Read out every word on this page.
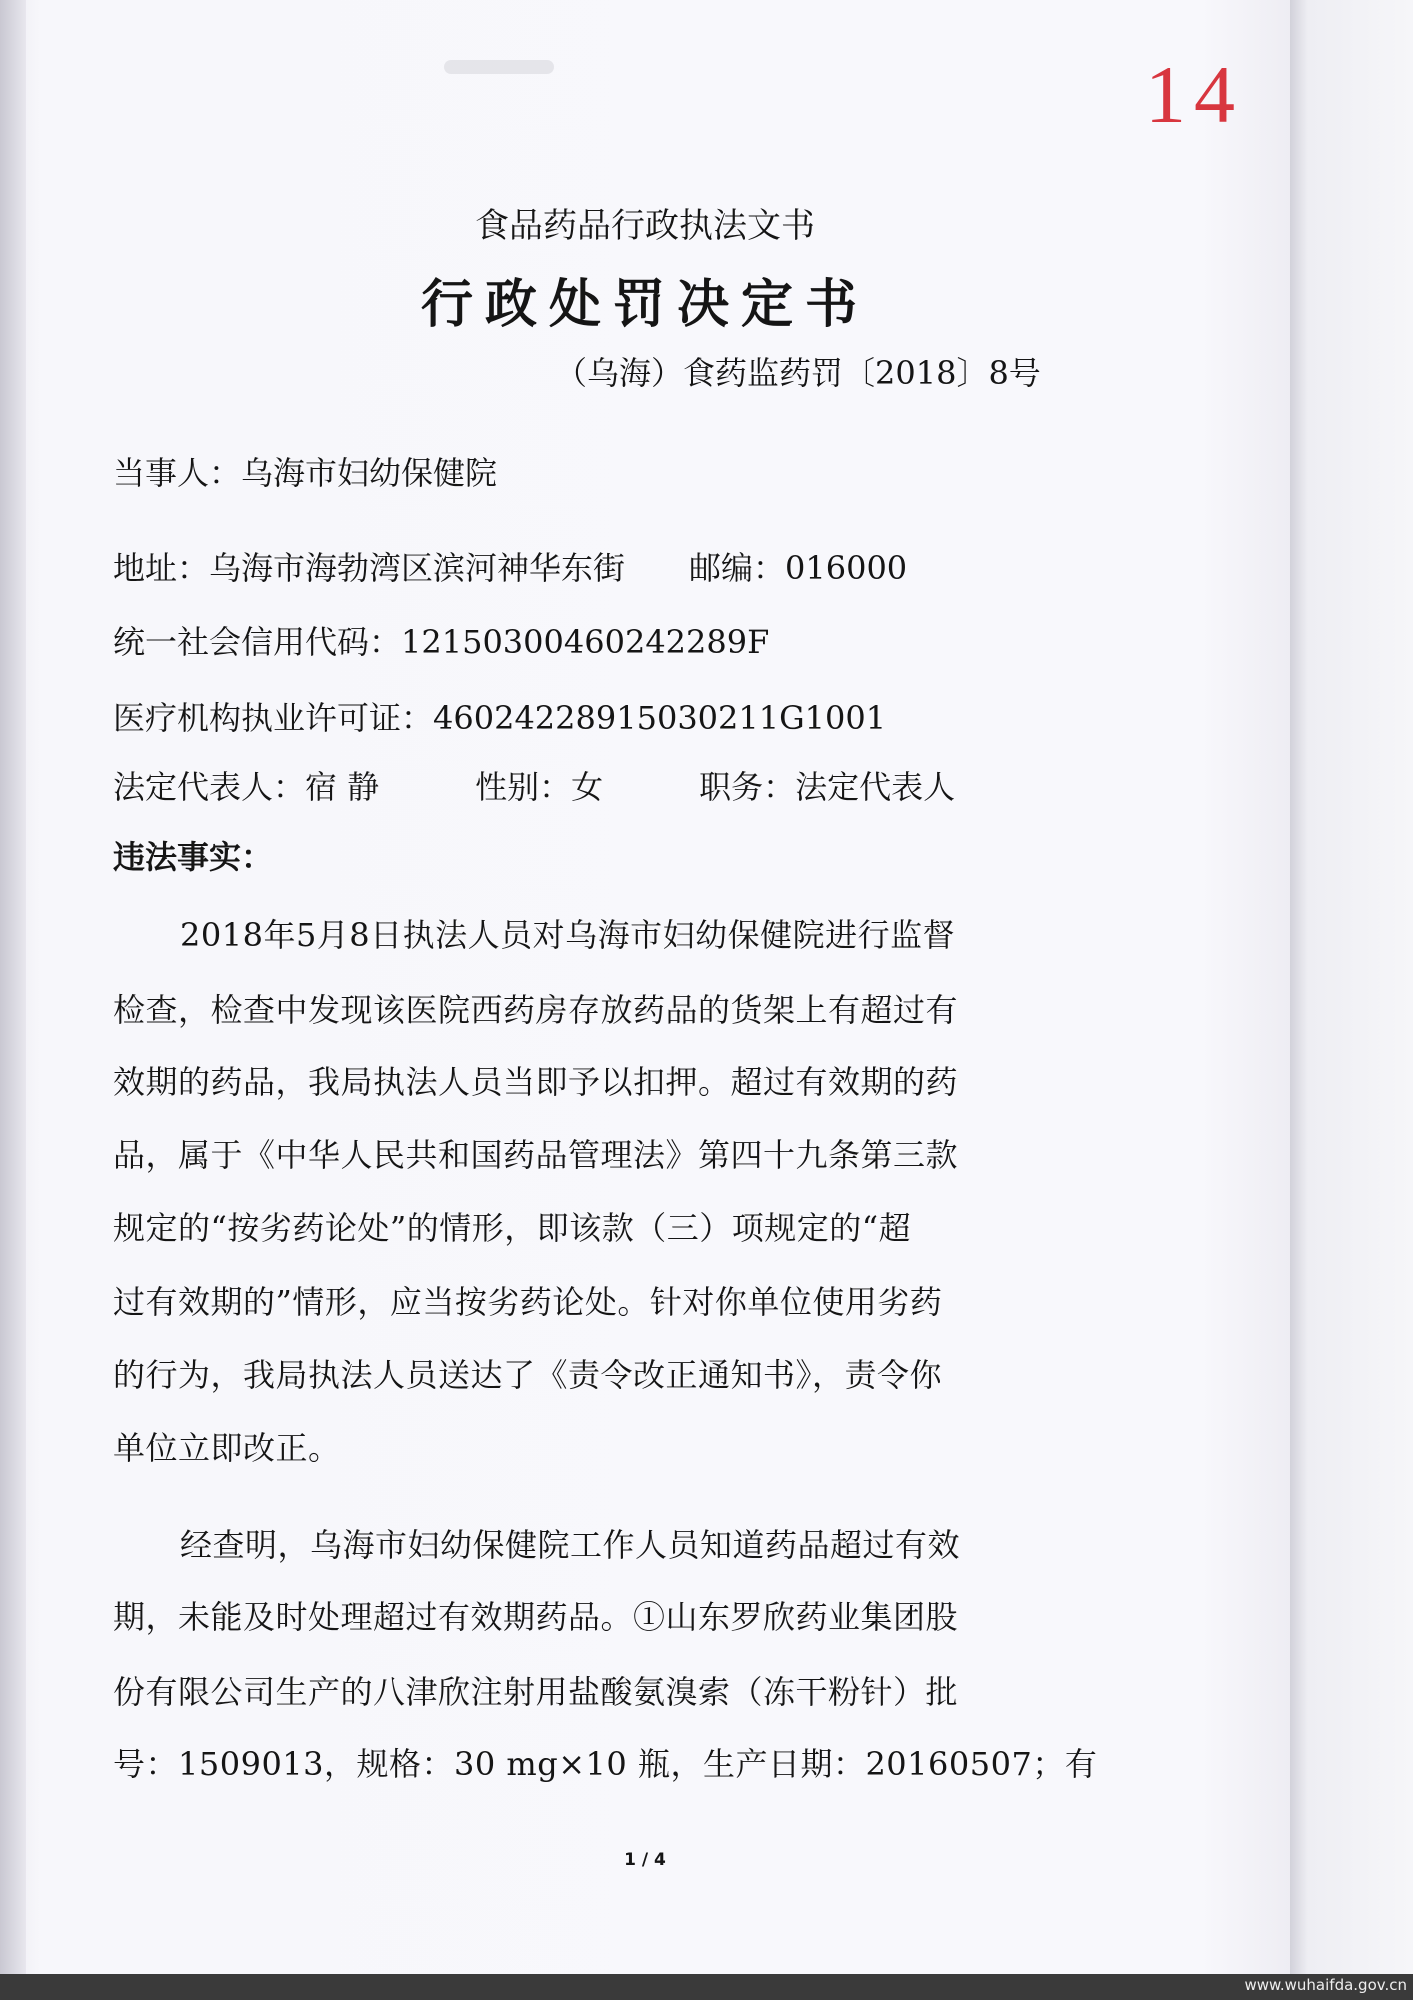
14
食品药品行政执法文书
行政处罚决定书
（乌海）食药监药罚〔2018〕8号
当事人：乌海市妇幼保健院
地址：乌海市海勃湾区滨河神华东街　　邮编：016000
统一社会信用代码：12150300460242289F
医疗机构执业许可证：46024228915030211G1001
法定代表人：宿 静　　　性别：女　　　职务：法定代表人
违法事实：
2018年5月8日执法人员对乌海市妇幼保健院进行监督
检查，检查中发现该医院西药房存放药品的货架上有超过有
效期的药品，我局执法人员当即予以扣押。超过有效期的药
品，属于《中华人民共和国药品管理法》第四十九条第三款
规定的“按劣药论处”的情形，即该款（三）项规定的“超
过有效期的”情形，应当按劣药论处。针对你单位使用劣药
的行为，我局执法人员送达了《责令改正通知书》，责令你
单位立即改正。
经查明，乌海市妇幼保健院工作人员知道药品超过有效
期，未能及时处理超过有效期药品。①山东罗欣药业集团股
份有限公司生产的八津欣注射用盐酸氨溴索（冻干粉针）批
号：1509013，规格：30 mg×10 瓶，生产日期：20160507；有
1 / 4
www.wuhaifda.gov.cn
